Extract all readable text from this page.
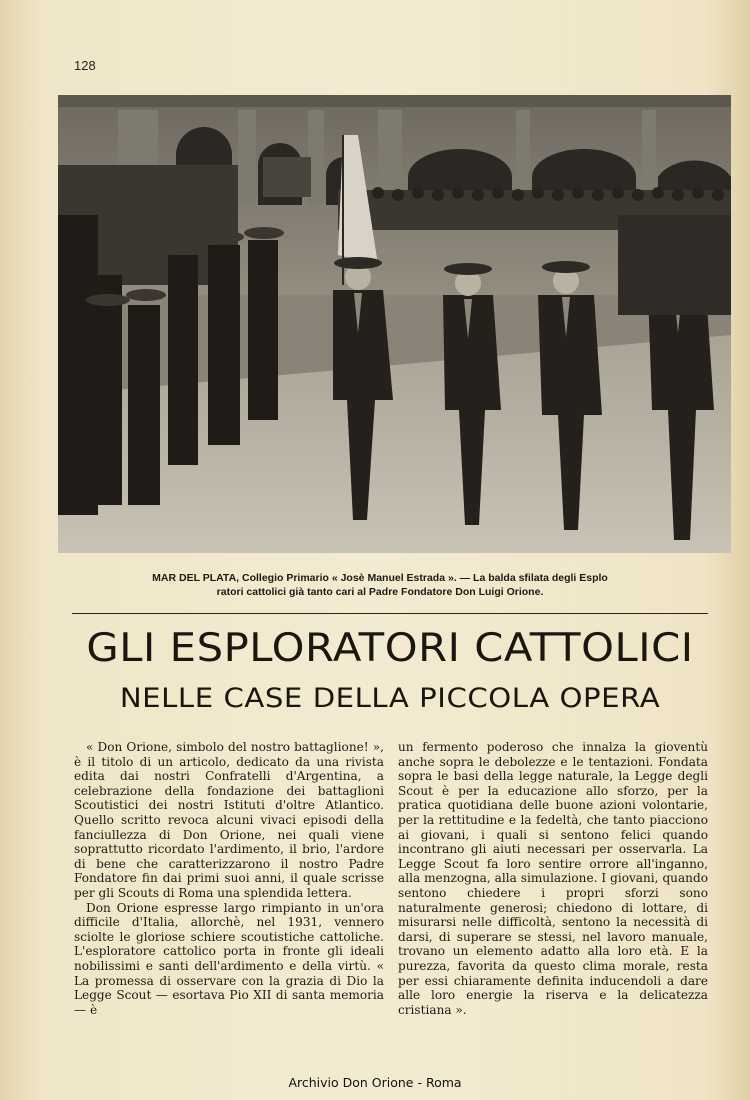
128
MAR DEL PLATA, Collegio Primario « Josè Manuel Estrada ». — La balda sfilata degli Esplo
ratori cattolici già tanto cari al Padre Fondatore Don Luigi Orione.
GLI ESPLORATORI CATTOLICI
NELLE CASE DELLA PICCOLA OPERA

« Don Orione, simbolo del nostro battaglione! », è il titolo di un articolo, dedicato da una rivista edita dai nostri Confratelli d'Argentina, a celebrazione della fondazione dei battaglioni Scoutistici dei nostri Istituti d'oltre Atlantico. Quello scritto revoca alcuni vivaci episodi della fanciullezza di Don Orione, nei quali viene soprattutto ricordato l'ardimento, il brio, l'ardore di bene che caratterizzarono il nostro Padre Fondatore fin dai primi suoi anni, il quale scrisse per gli Scouts di Roma una splendida lettera.

Don Orione espresse largo rimpianto in un'ora difficile d'Italia, allorchè, nel 1931, vennero sciolte le gloriose schiere scoutistiche cattoliche. L'esploratore cattolico porta in fronte gli ideali nobilissimi e santi dell'ardimento e della virtù. « La promessa di osservare con la grazia di Dio la Legge Scout — esortava Pio XII di santa memoria — è

un fermento poderoso che innalza la gioventù anche sopra le debolezze e le tentazioni. Fondata sopra le basi della legge naturale, la Legge degli Scout è per la educazione allo sforzo, per la pratica quotidiana delle buone azioni volontarie, per la rettitudine e la fedeltà, che tanto piacciono ai giovani, i quali si sentono felici quando incontrano gli aiuti necessari per osservarla. La Legge Scout fa loro sentire orrore all'inganno, alla menzogna, alla simulazione. I giovani, quando sentono chiedere i propri sforzi sono naturalmente generosi; chiedono di lottare, di misurarsi nelle difficoltà, sentono la necessità di darsi, di superare se stessi, nel lavoro manuale, trovano un elemento adatto alla loro età. E la purezza, favorita da questo clima morale, resta per essi chiaramente definita inducendoli a dare alle loro energie la riserva e la delicatezza cristiana ».

Archivio Don Orione - Roma
